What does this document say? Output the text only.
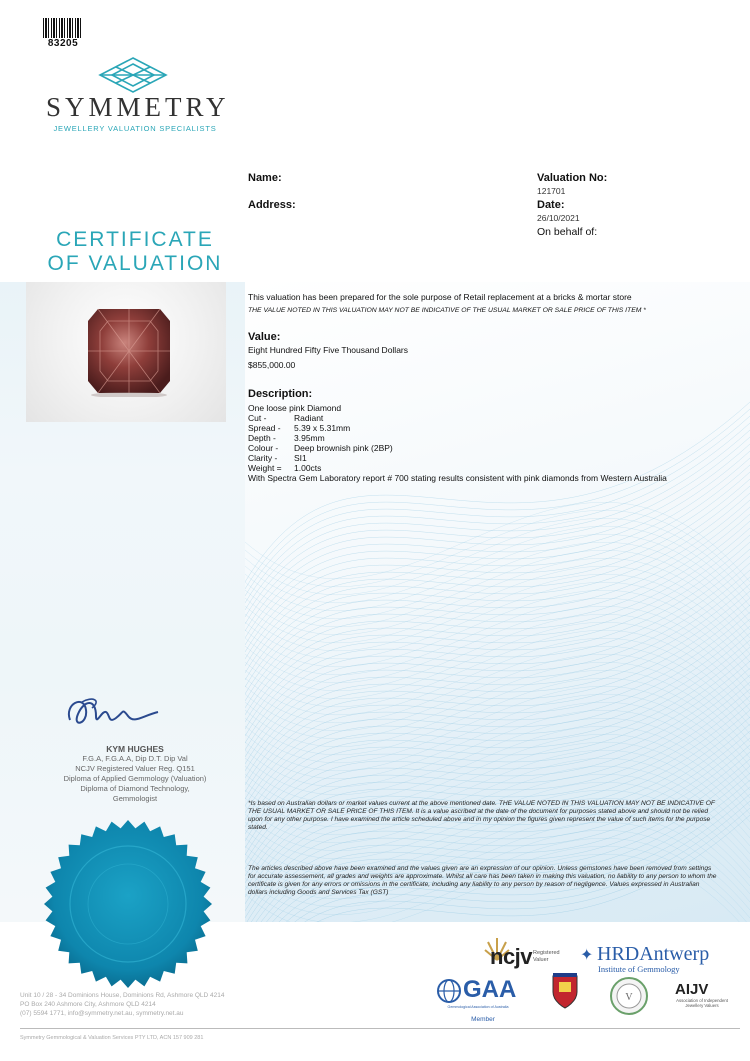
83205
SYMMETRY
JEWELLERY VALUATION SPECIALISTS
CERTIFICATE
OF VALUATION
Name:
Address:
Valuation No:
121701
Date:
26/10/2021
On behalf of:
This valuation has been prepared for the sole purpose of Retail replacement at a bricks & mortar store
THE VALUE NOTED IN THIS VALUATION MAY NOT BE INDICATIVE OF THE USUAL MARKET OR SALE PRICE OF THIS ITEM *
Value:
Eight Hundred Fifty Five Thousand Dollars
$855,000.00
Description:
One loose pink Diamond
Cut -	Radiant
Spread - 5.39 x 5.31mm
Depth - 3.95mm
Colour - Deep brownish pink (2BP)
Clarity - SI1
Weight = 1.00cts
With Spectra Gem Laboratory report # 700 stating results consistent with pink diamonds from Western Australia
*Is based on Australian dollars or market values current at the above mentioned date. THE VALUE NOTED IN THIS VALUATION MAY NOT BE INDICATIVE OF THE USUAL MARKET OR SALE PRICE OF THIS ITEM. It is a value ascribed at the date of the document for purposes stated above and should not be relied upon for any other purpose. I have examined the article scheduled above and in my opinion the figures given represent the value of such items for the purpose stated.
The articles described above have been examined and the values given are an expression of our opinion. Unless gemstones have been removed from settings for accurate assessement, all grades and weights are approximate. Whilst all care has been taken in making this valuation, no liability to any person to whom the certificate is given for any errors or omissions in the certificate, including any liability to any person by reason of negligence. Values expressed in Australian dollars including Goods and Services Tax (GST)
KYM HUGHES
F.G.A, F.G.A.A, Dip D.T. Dip Val
NCJV Registered Valuer Reg. Q151
Diploma of Applied Gemmology (Valuation)
Diploma of Diamond Technology,
Gemmologist
ncjv Registered
Valuer	✦ HRDAntwerp
Institute of Gemmology
GAA
Gemmological Association of Australia
Member
V	AIJV
Association of Independent Jewellery Valuers
Unit 10 / 28 - 34 Dominions House, Dominions Rd, Ashmore QLD 4214
PO Box 240 Ashmore City, Ashmore QLD 4214
(07) 5594 1771, info@symmetry.net.au, symmetry.net.au
Symmetry Gemmological & Valuation Services PTY LTD, ACN 157 909 281
